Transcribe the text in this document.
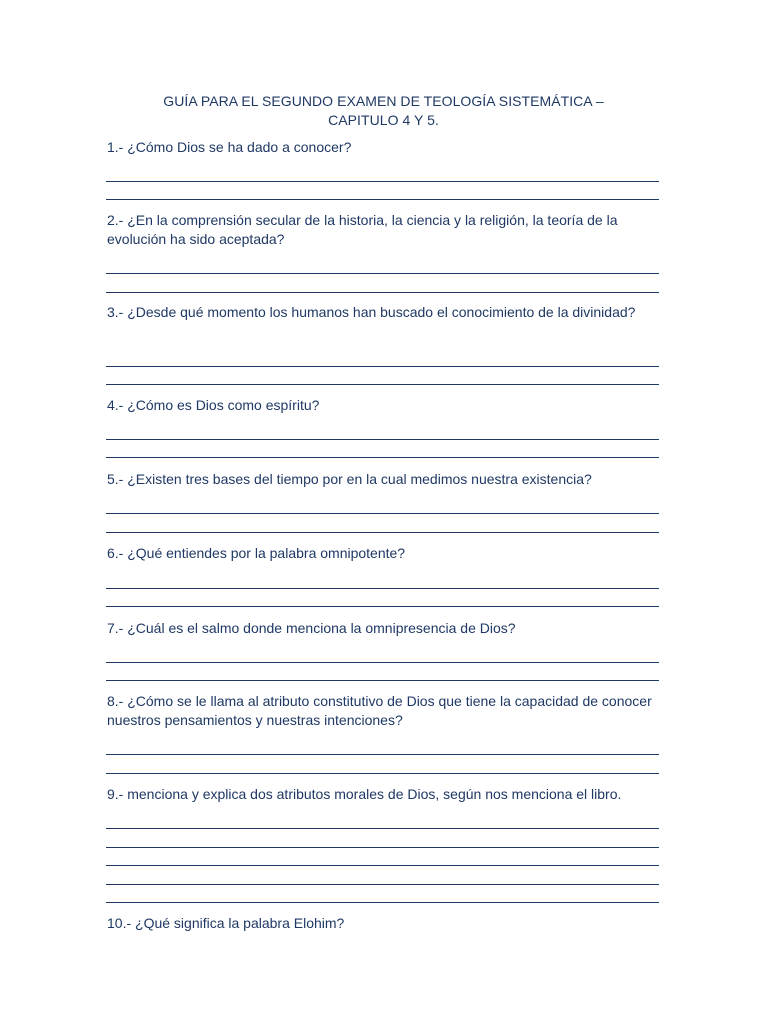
GUÍA PARA EL SEGUNDO EXAMEN DE TEOLOGÍA SISTEMÁTICA –
CAPITULO 4 Y 5.
1.- ¿Cómo Dios se ha dado a conocer?
2.- ¿En la comprensión secular de la historia, la ciencia y la religión, la teoría de la evolución ha sido aceptada?
3.- ¿Desde qué momento los humanos han buscado el conocimiento de la divinidad?
4.- ¿Cómo es Dios como espíritu?
5.- ¿Existen tres bases del tiempo por en la cual medimos nuestra existencia?
6.- ¿Qué entiendes por la palabra omnipotente?
7.- ¿Cuál es el salmo donde menciona la omnipresencia de Dios?
8.- ¿Cómo se le llama al atributo constitutivo de Dios que tiene la capacidad de conocer nuestros pensamientos y nuestras intenciones?
9.- menciona y explica dos atributos morales de Dios, según nos menciona el libro.
10.- ¿Qué significa la palabra Elohim?
